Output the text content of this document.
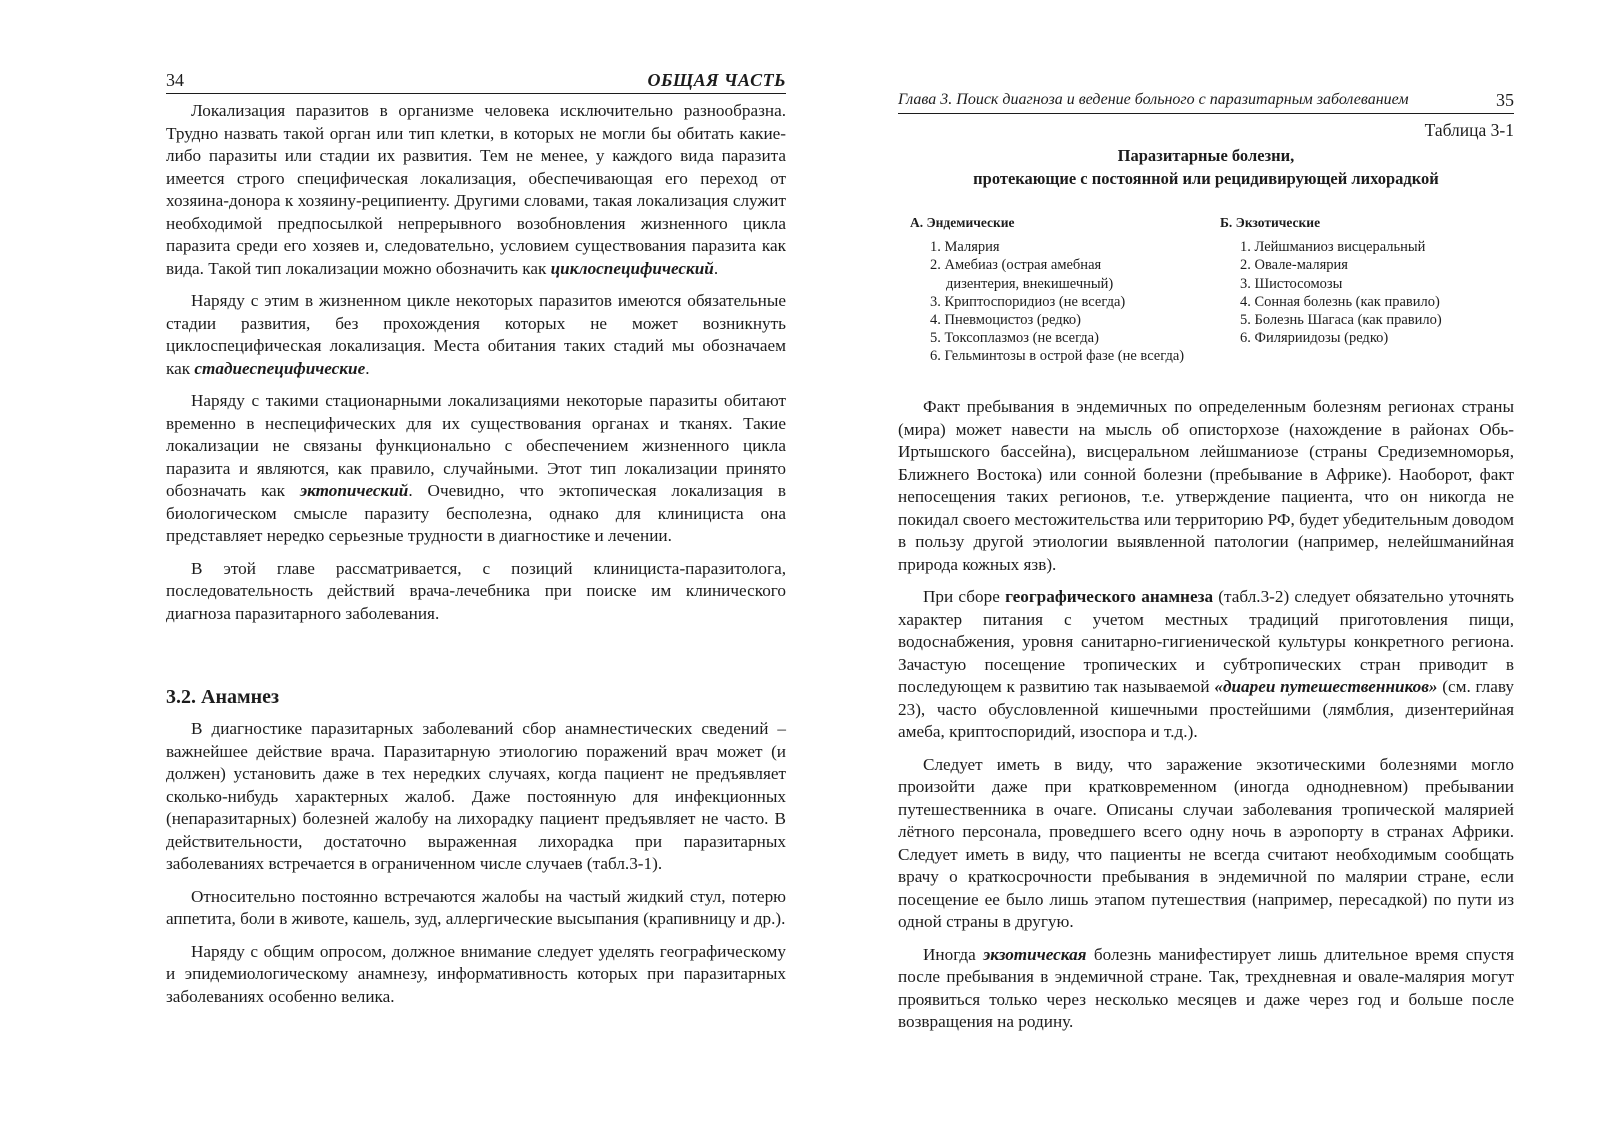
34	ОБЩАЯ ЧАСТЬ

Локализация паразитов в организме человека исключительно разнообразна. Трудно назвать такой орган или тип клетки, в которых не могли бы обитать какие-либо паразиты или стадии их развития. Тем не менее, у каждого вида паразита имеется строго специфическая локализация, обеспечивающая его переход от хозяина-донора к хозяину-реципиенту. Другими словами, такая локализация служит необходимой предпосылкой непрерывного возобновления жизненного цикла паразита среди его хозяев и, следовательно, условием существования паразита как вида. Такой тип локализации можно обозначить как циклоспецифический.

Наряду с этим в жизненном цикле некоторых паразитов имеются обязательные стадии развития, без прохождения которых не может возникнуть циклоспецифическая локализация. Места обитания таких стадий мы обозначаем как стадиеспецифические.

Наряду с такими стационарными локализациями некоторые паразиты обитают временно в неспецифических для их существования органах и тканях. Такие локализации не связаны функционально с обеспечением жизненного цикла паразита и являются, как правило, случайными. Этот тип локализации принято обозначать как эктопический. Очевидно, что эктопическая локализация в биологическом смысле паразиту бесполезна, однако для клинициста она представляет нередко серьезные трудности в диагностике и лечении.

В этой главе рассматривается, с позиций клинициста-паразитолога, последовательность действий врача-лечебника при поиске им клинического диагноза паразитарного заболевания.

3.2. Анамнез

В диагностике паразитарных заболеваний сбор анамнестических сведений – важнейшее действие врача. Паразитарную этиологию поражений врач может (и должен) установить даже в тех нередких случаях, когда пациент не предъявляет сколько-нибудь характерных жалоб. Даже постоянную для инфекционных (непаразитарных) болезней жалобу на лихорадку пациент предъявляет не часто. В действительности, достаточно выраженная лихорадка при паразитарных заболеваниях встречается в ограниченном числе случаев (табл.3-1).

Относительно постоянно встречаются жалобы на частый жидкий стул, потерю аппетита, боли в животе, кашель, зуд, аллергические высыпания (крапивницу и др.).

Наряду с общим опросом, должное внимание следует уделять географическому и эпидемиологическому анамнезу, информативность которых при паразитарных заболеваниях особенно велика.

Глава 3. Поиск диагноза и ведение больного с паразитарным заболеванием	35
Таблица 3-1
Паразитарные болезни,
протекающие с постоянной или рецидивирующей лихорадкой
А. Эндемические
1. Малярия
2. Амебиаз (острая амебная
дизентерия, внекишечный)
3. Криптоспоридиоз (не всегда)
4. Пневмоцистоз (редко)
5. Токсоплазмоз (не всегда)
6. Гельминтозы в острой фазе (не всегда)
Б. Экзотические
1. Лейшманиоз висцеральный
2. Овале-малярия
3. Шистосомозы
4. Сонная болезнь (как правило)
5. Болезнь Шагаса (как правило)
6. Филяриидозы (редко)

Факт пребывания в эндемичных по определенным болезням регионах страны (мира) может навести на мысль об описторхозе (нахождение в районах Обь-Иртышского бассейна), висцеральном лейшманиозе (страны Средиземноморья, Ближнего Востока) или сонной болезни (пребывание в Африке). Наоборот, факт непосещения таких регионов, т.е. утверждение пациента, что он никогда не покидал своего местожительства или территорию РФ, будет убедительным доводом в пользу другой этиологии выявленной патологии (например, нелейшманийная природа кожных язв).

При сборе географического анамнеза (табл.3-2) следует обязательно уточнять характер питания с учетом местных традиций приготовления пищи, водоснабжения, уровня санитарно-гигиенической культуры конкретного региона. Зачастую посещение тропических и субтропических стран приводит в последующем к развитию так называемой «диареи путешественников» (см. главу 23), часто обусловленной кишечными простейшими (лямблия, дизентерийная амеба, криптоспоридий, изоспора и т.д.).

Следует иметь в виду, что заражение экзотическими болезнями могло произойти даже при кратковременном (иногда однодневном) пребывании путешественника в очаге. Описаны случаи заболевания тропической малярией лётного персонала, проведшего всего одну ночь в аэропорту в странах Африки. Следует иметь в виду, что пациенты не всегда считают необходимым сообщать врачу о краткосрочности пребывания в эндемичной по малярии стране, если посещение ее было лишь этапом путешествия (например, пересадкой) по пути из одной страны в другую.

Иногда экзотическая болезнь манифестирует лишь длительное время спустя после пребывания в эндемичной стране. Так, трехдневная и овале-малярия могут проявиться только через несколько месяцев и даже через год и больше после возвращения на родину.
